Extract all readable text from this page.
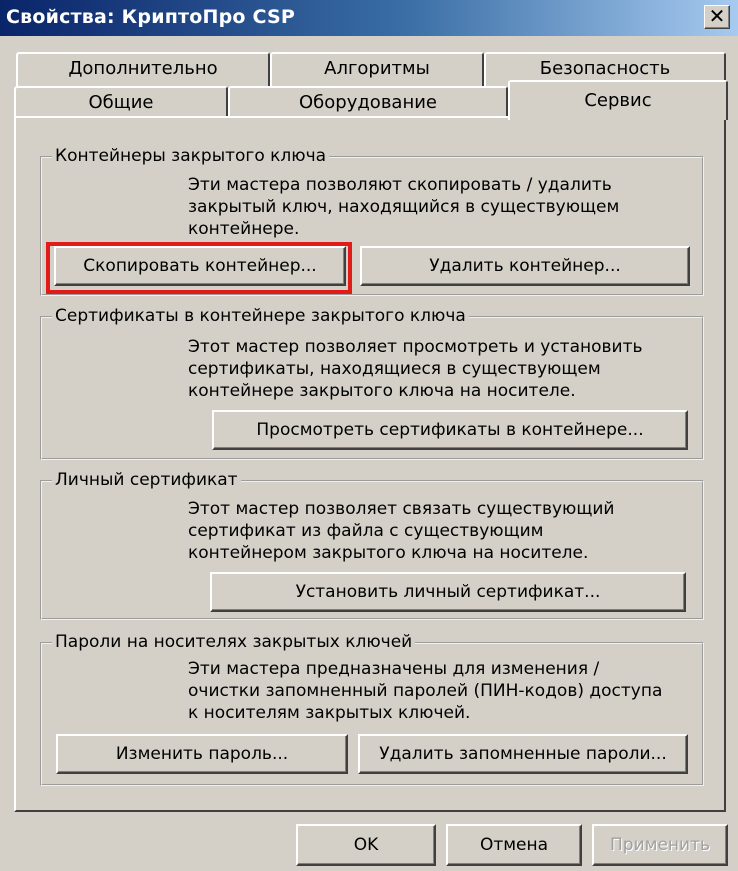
Свойства: КриптоПро CSP	✕
Дополнительно	Алгоритмы	Безопасность
Общие	Оборудование	Сервис
Контейнеры закрытого ключа
Эти мастера позволяют скопировать / удалить
закрытый ключ, находящийся в существующем
контейнере.
Скопировать контейнер...	Удалить контейнер...
Сертификаты в контейнере закрытого ключа
Этот мастер позволяет просмотреть и установить
сертификаты, находящиеся в существующем
контейнере закрытого ключа на носителе.
Просмотреть сертификаты в контейнере...
Личный сертификат
Этот мастер позволяет связать существующий
сертификат из файла с существующим
контейнером закрытого ключа на носителе.
Установить личный сертификат...
Пароли на носителях закрытых ключей
Эти мастера предназначены для изменения /
очистки запомненный паролей (ПИН-кодов) доступа
к носителям закрытых ключей.
Изменить пароль...	Удалить запомненные пароли...
OK	Отмена	Применить
